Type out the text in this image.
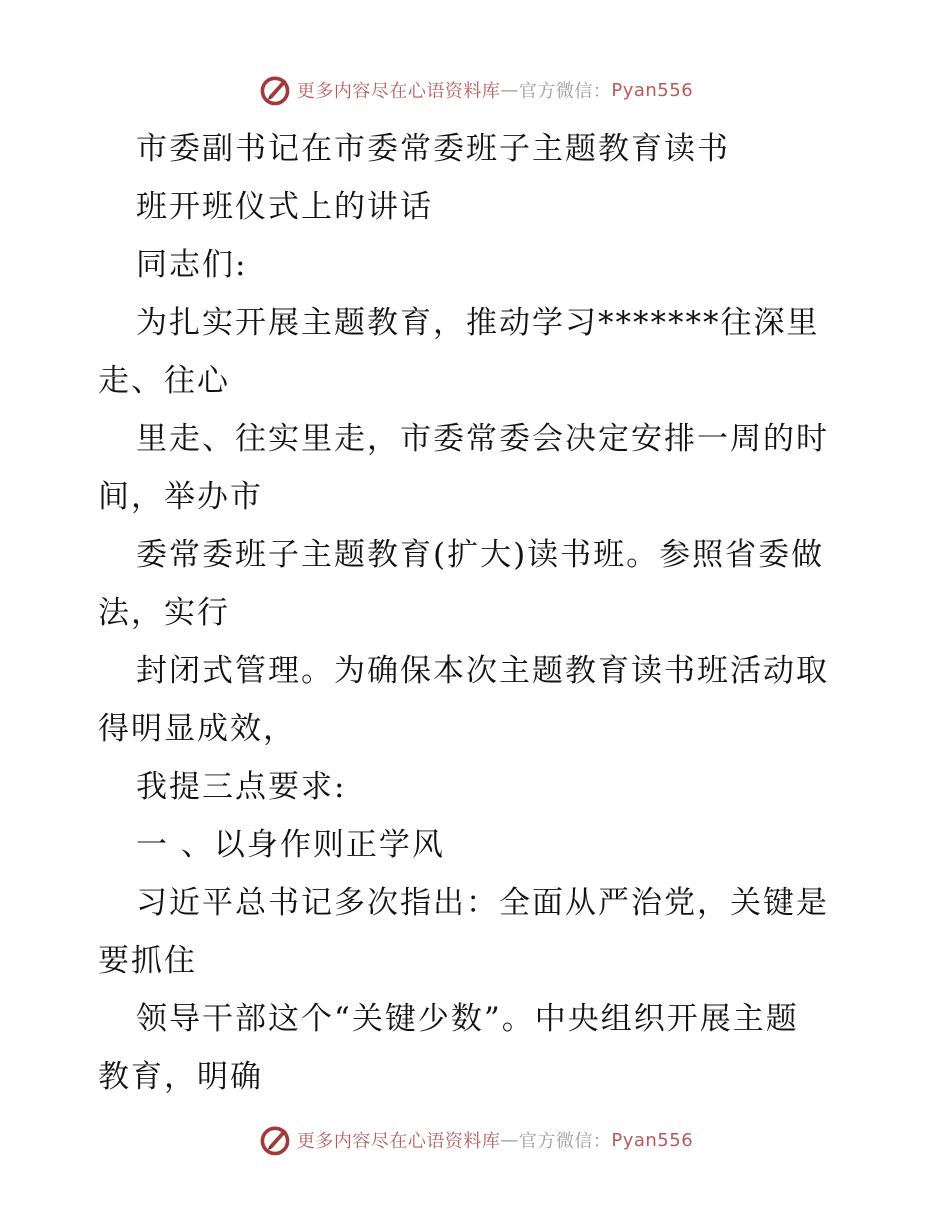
更多内容尽在心语资料库 — 官方微信： Pyan556
市委副书记在市委常委班子主题教育读书
班开班仪式上的讲话
同志们:
为扎实开展主题教育，推动学习*******往深里
走、往心
里走、往实里走，市委常委会决定安排一周的时
间，举办市
委常委班子主题教育(扩大)读书班。参照省委做
法，实行
封闭式管理。为确保本次主题教育读书班活动取
得明显成效，
我提三点要求:
一 、以身作则正学风
习近平总书记多次指出：全面从严治党，关键是
要抓住
领导干部这个“关键少数”。中央组织开展主题
教育，明确
更多内容尽在心语资料库 — 官方微信： Pyan556
